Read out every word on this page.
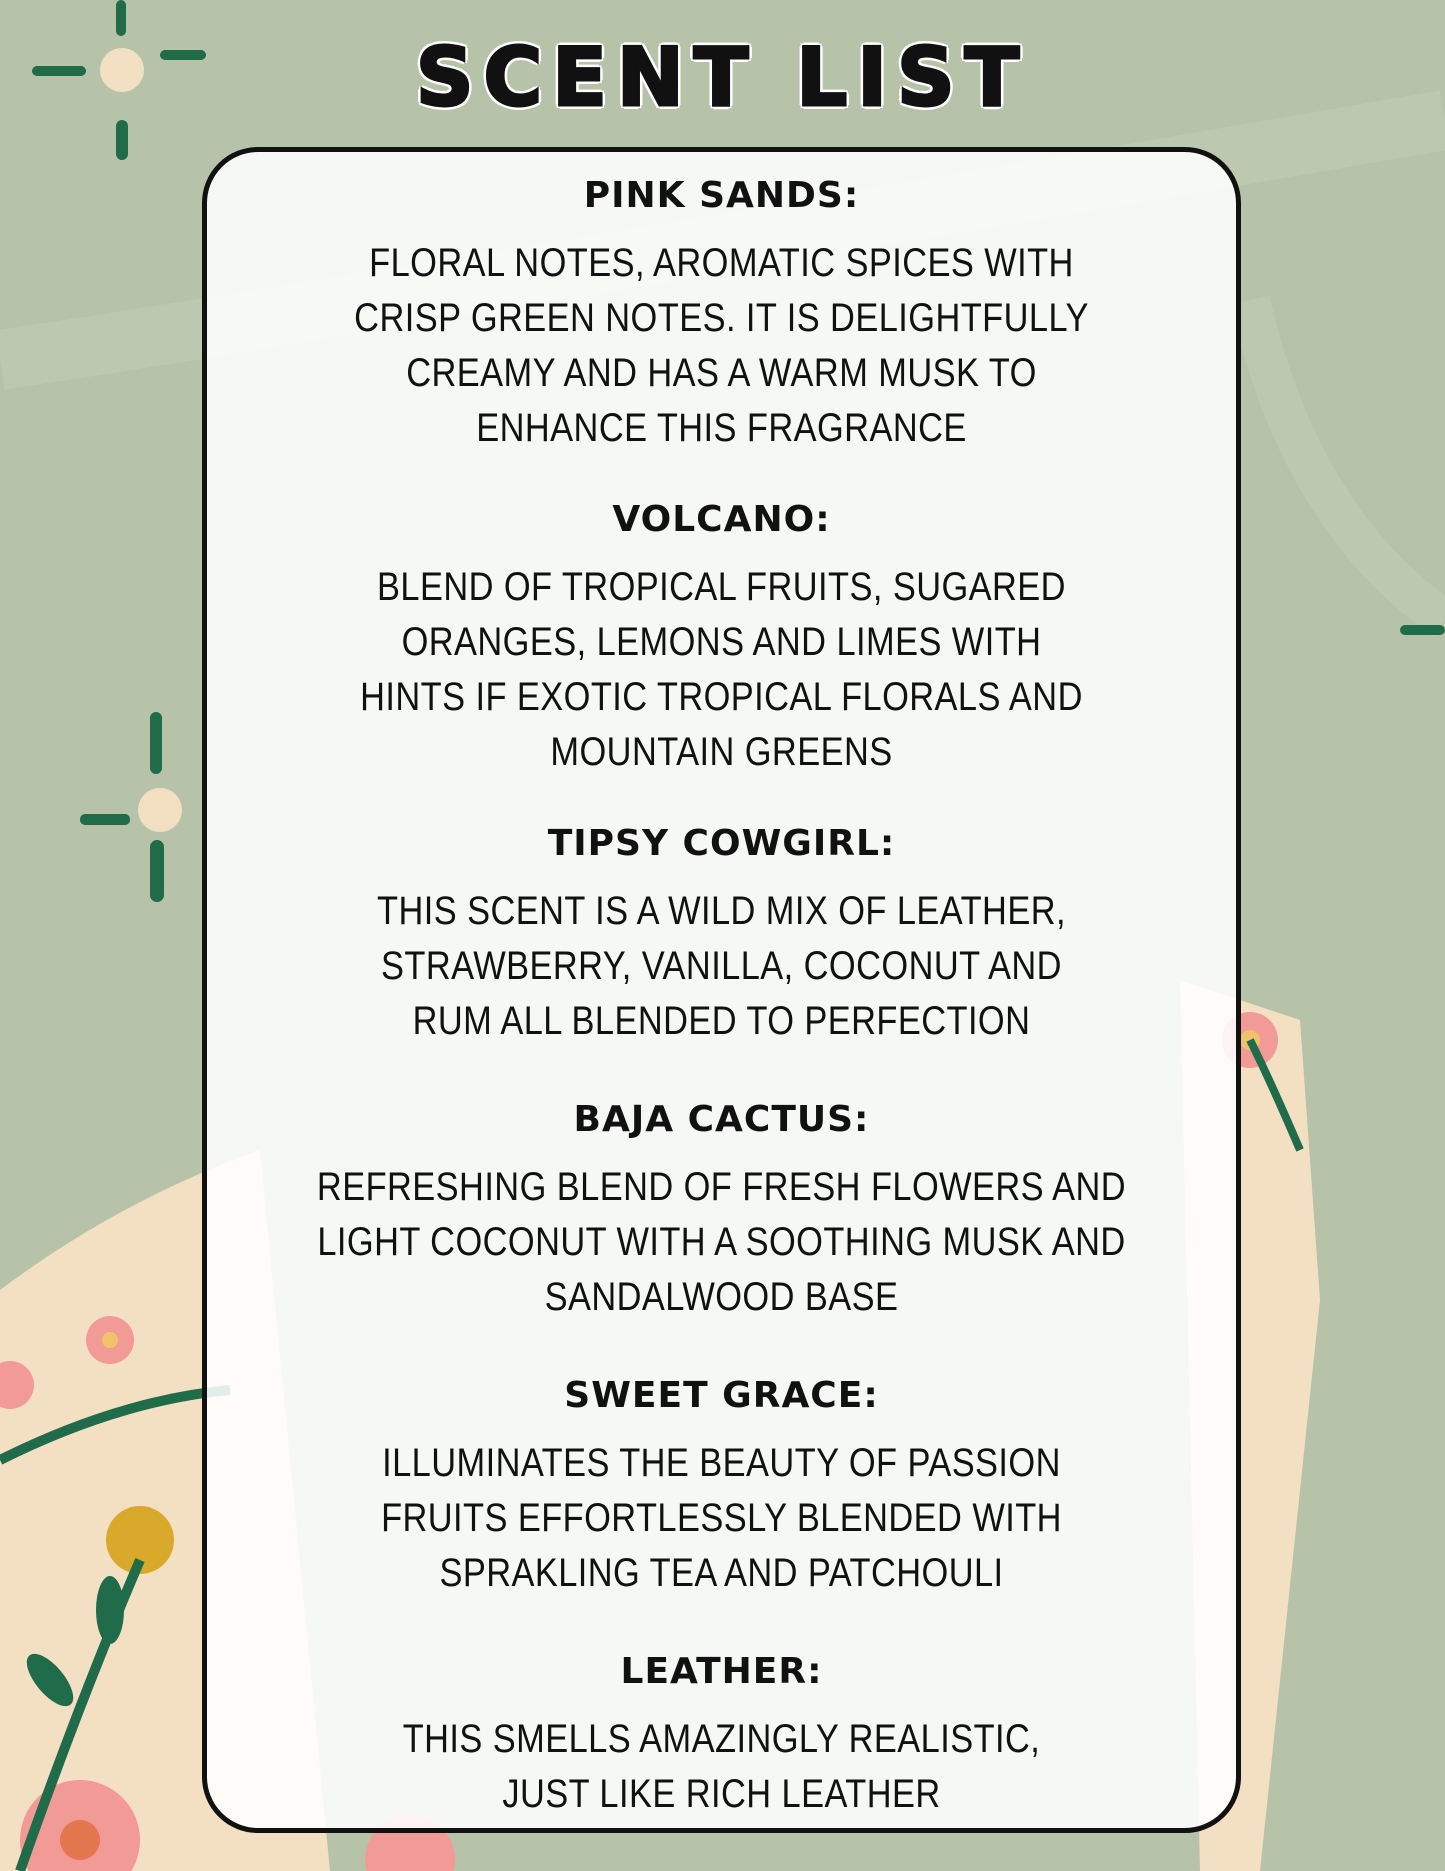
SCENT LIST
PINK SANDS:
FLORAL NOTES, AROMATIC SPICES WITH
CRISP GREEN NOTES. IT IS DELIGHTFULLY
CREAMY AND HAS A WARM MUSK TO
ENHANCE THIS FRAGRANCE
VOLCANO:
BLEND OF TROPICAL FRUITS, SUGARED
ORANGES, LEMONS AND LIMES WITH
HINTS IF EXOTIC TROPICAL FLORALS AND
MOUNTAIN GREENS
TIPSY COWGIRL:
THIS SCENT IS A WILD MIX OF LEATHER,
STRAWBERRY, VANILLA, COCONUT AND
RUM ALL BLENDED TO PERFECTION
BAJA CACTUS:
REFRESHING BLEND OF FRESH FLOWERS AND
LIGHT COCONUT WITH A SOOTHING MUSK AND
SANDALWOOD BASE
SWEET GRACE:
ILLUMINATES THE BEAUTY OF PASSION
FRUITS EFFORTLESSLY BLENDED WITH
SPRAKLING TEA AND PATCHOULI
LEATHER:
THIS SMELLS AMAZINGLY REALISTIC,
JUST LIKE RICH LEATHER
